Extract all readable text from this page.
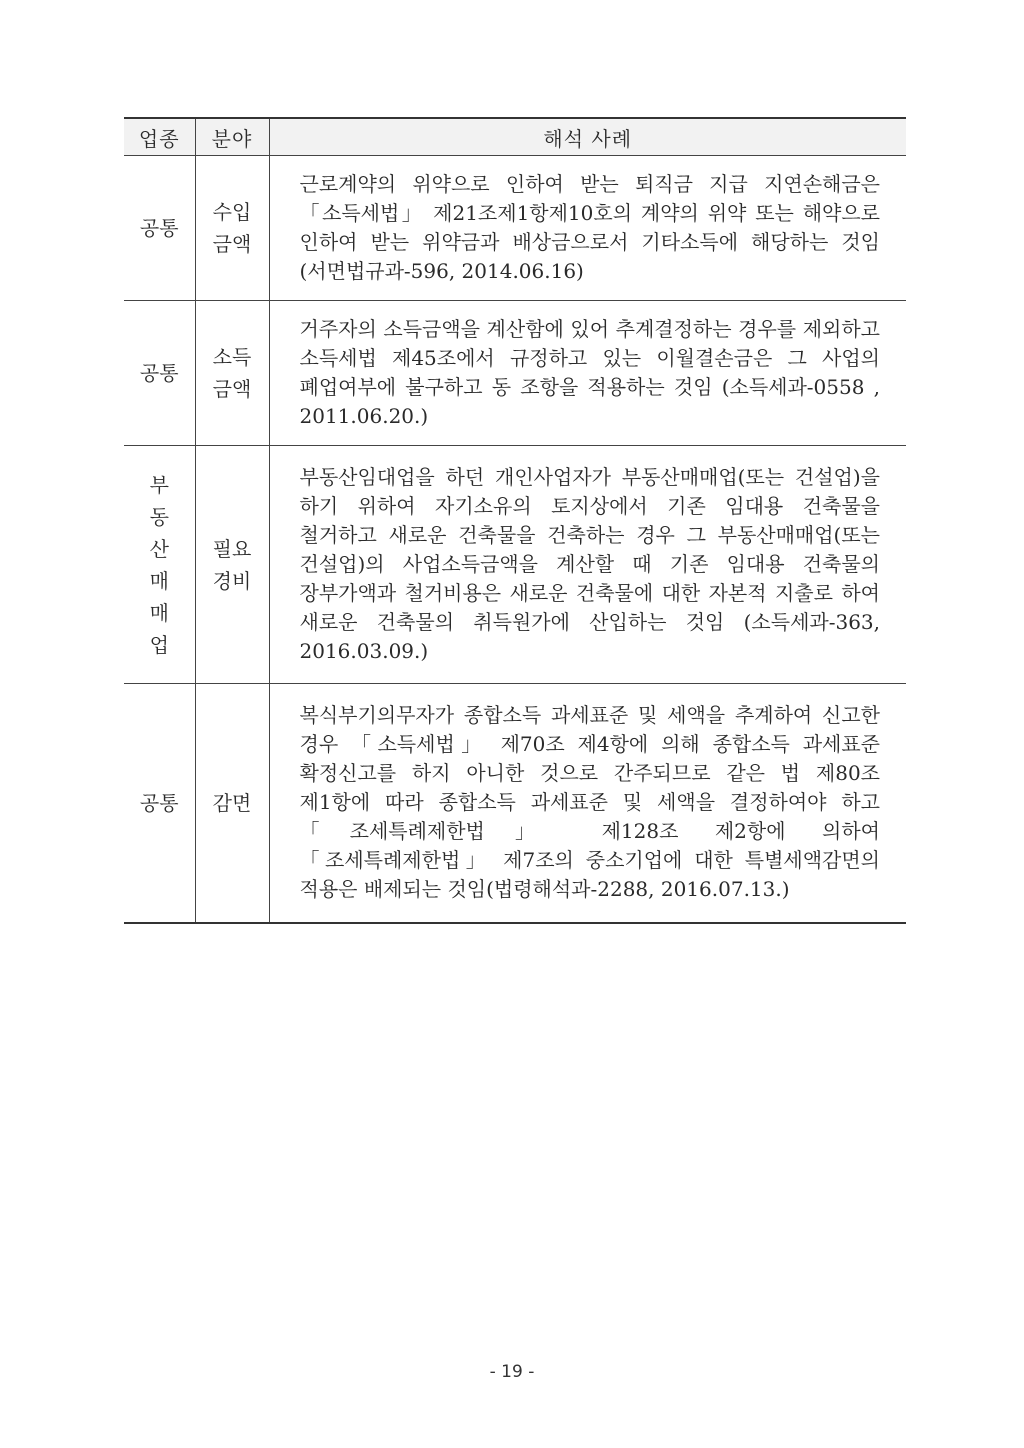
업종	분야	해석 사례
공통	수입금액	근로계약의 위약으로 인하여 받는 퇴직금 지급 지연손해금은 「소득세법」 제21조제1항제10호의 계약의 위약 또는 해약으로 인하여 받는 위약금과 배상금으로서 기타소득에 해당하는 것임(서면법규과-596, 2014.06.16)
공통	소득금액	거주자의 소득금액을 계산함에 있어 추계결정하는 경우를 제외하고 소득세법 제45조에서 규정하고 있는 이월결손금은 그 사업의 폐업여부에 불구하고 동 조항을 적용하는 것임 (소득세과-0558 , 2011.06.20.)
부동산매매업	필요경비	부동산임대업을 하던 개인사업자가 부동산매매업(또는 건설업)을 하기 위하여 자기소유의 토지상에서 기존 임대용 건축물을 철거하고 새로운 건축물을 건축하는 경우 그 부동산매매업(또는 건설업)의 사업소득금액을 계산할 때 기존 임대용 건축물의 장부가액과 철거비용은 새로운 건축물에 대한 자본적 지출로 하여 새로운 건축물의 취득원가에 산입하는 것임 (소득세과-363, 2016.03.09.)
공통	감면	복식부기의무자가 종합소득 과세표준 및 세액을 추계하여 신고한 경우 「소득세법」 제70조 제4항에 의해 종합소득 과세표준 확정신고를 하지 아니한 것으로 간주되므로 같은 법 제80조 제1항에 따라 종합소득 과세표준 및 세액을 결정하여야 하고 「조세특례제한법」 제128조 제2항에 의하여 「조세특례제한법」 제7조의 중소기업에 대한 특별세액감면의 적용은 배제되는 것임(법령해석과-2288, 2016.07.13.)
- 19 -
